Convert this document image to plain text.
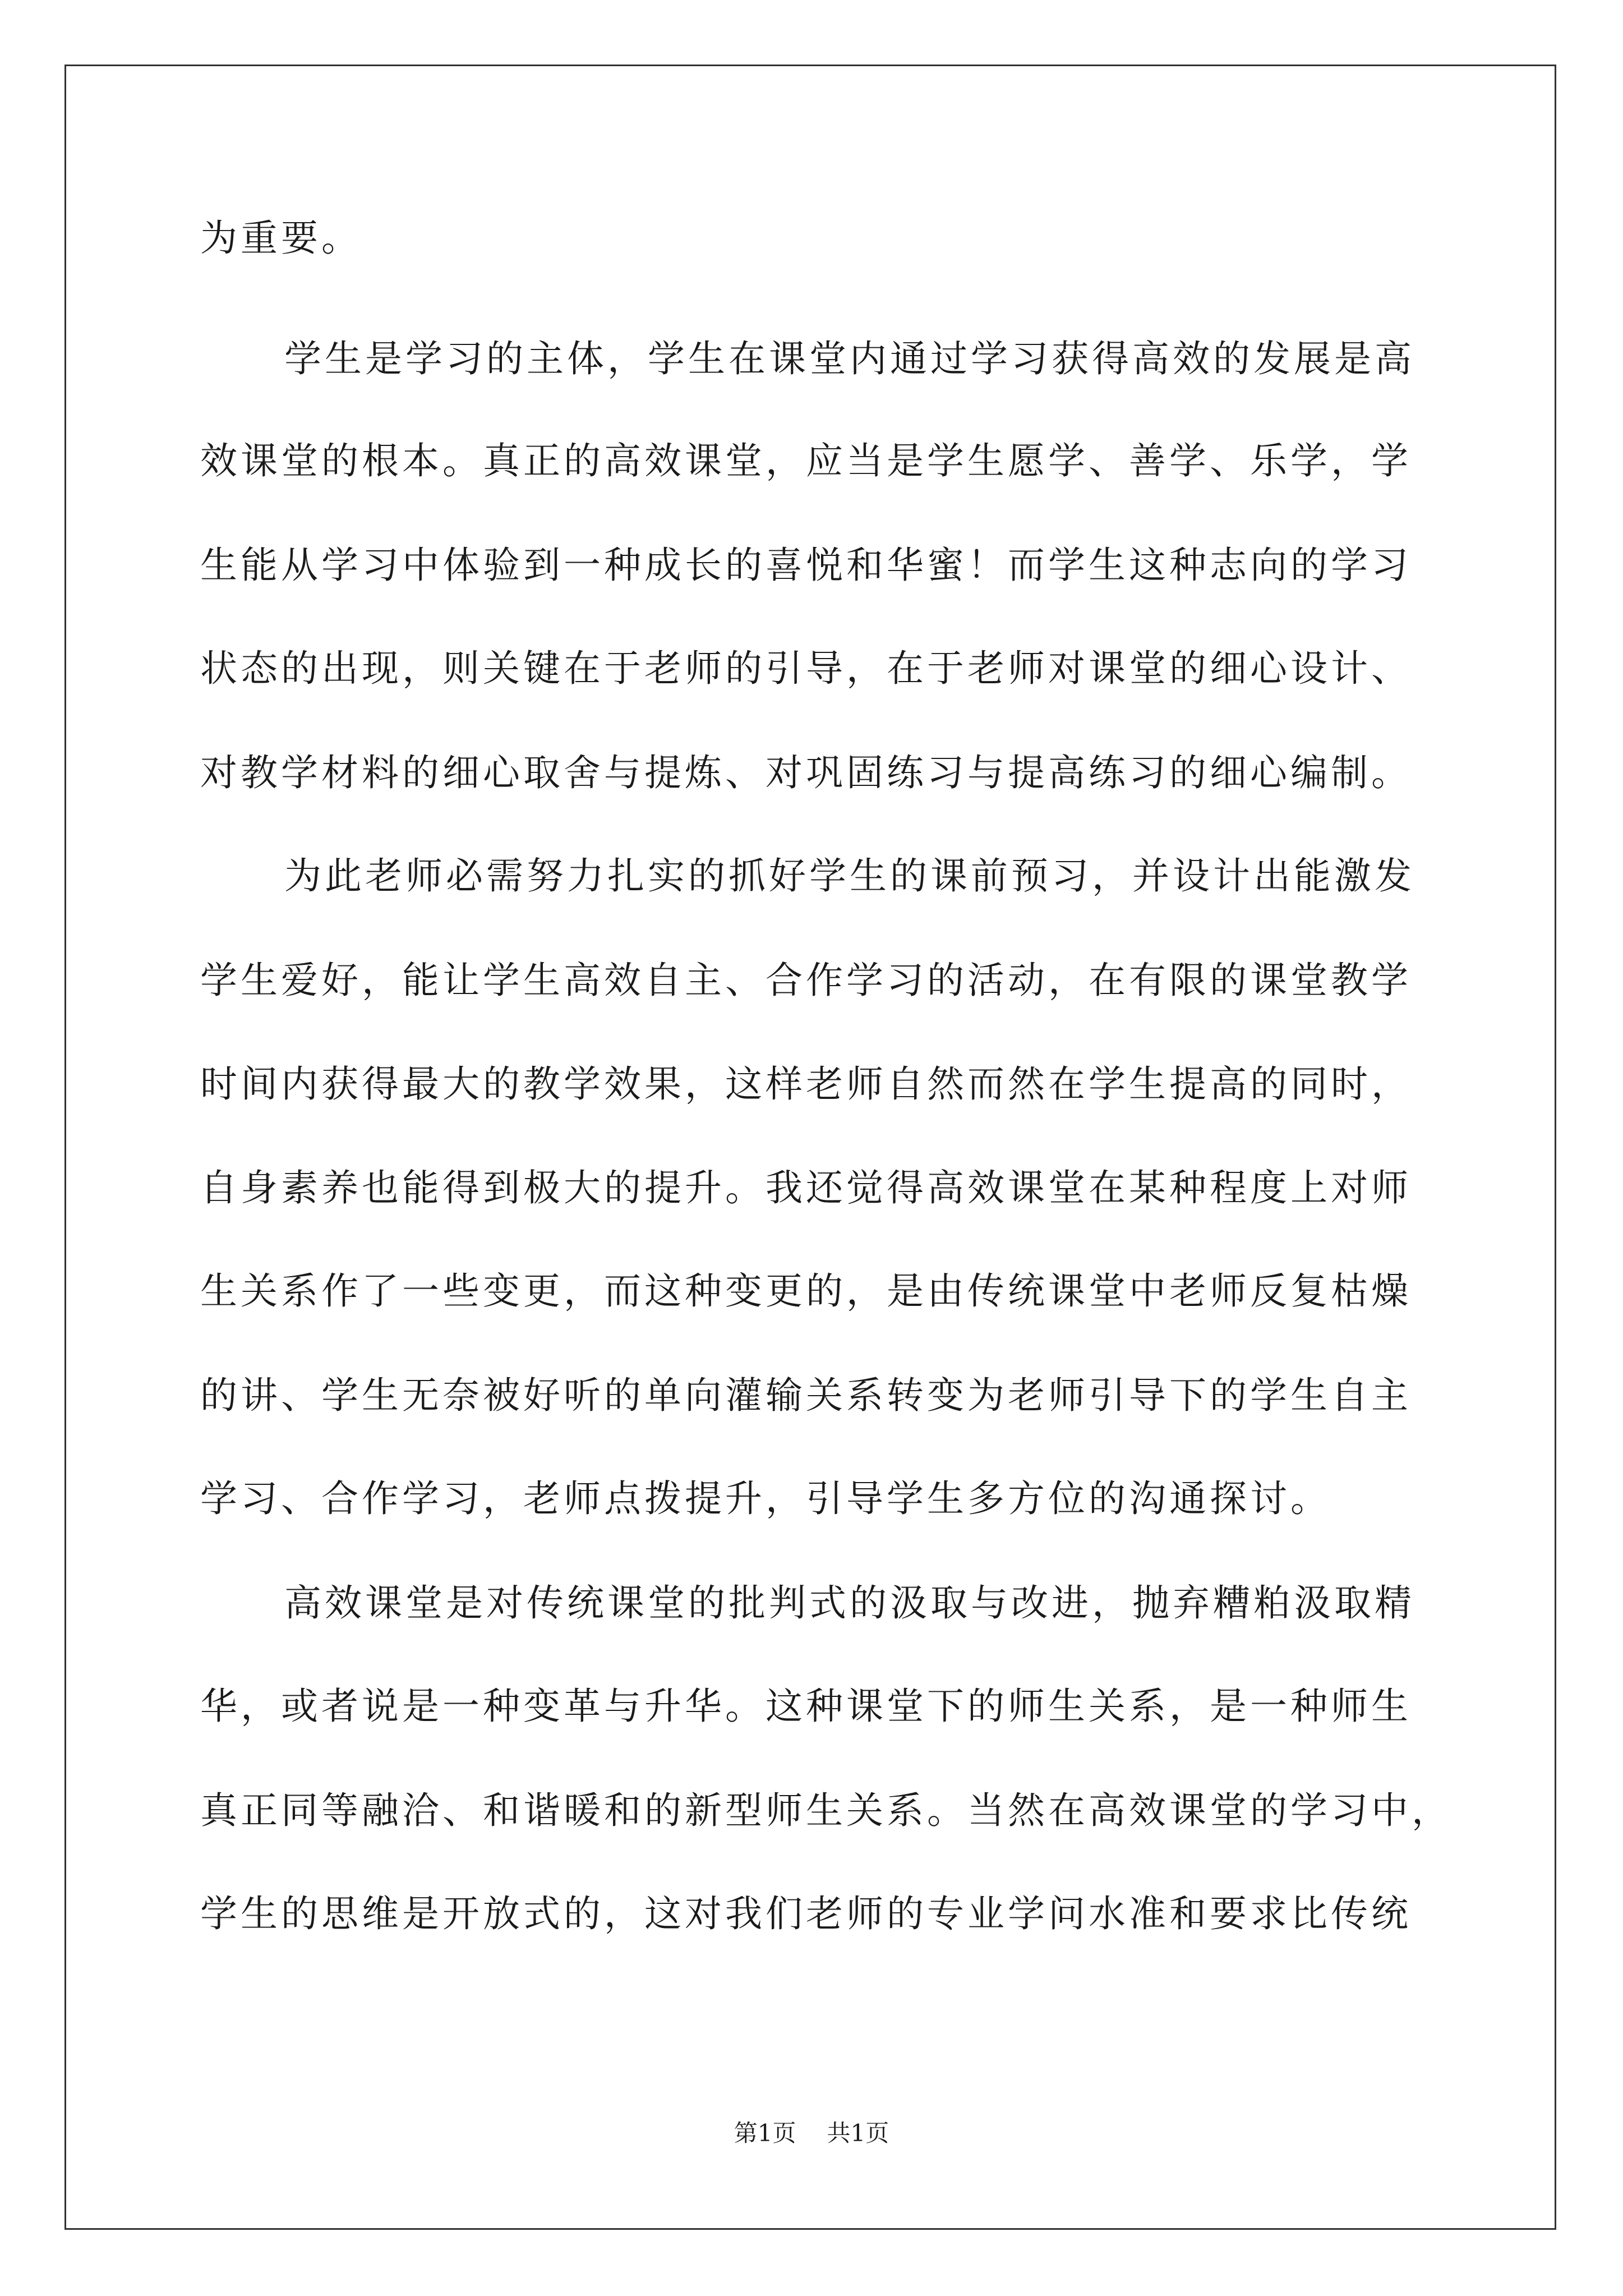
为重要。
学生是学习的主体，学生在课堂内通过学习获得高效的发展是高
效课堂的根本。真正的高效课堂，应当是学生愿学、善学、乐学，学
生能从学习中体验到一种成长的喜悦和华蜜！而学生这种志向的学习
状态的出现，则关键在于老师的引导，在于老师对课堂的细心设计、
对教学材料的细心取舍与提炼、对巩固练习与提高练习的细心编制。
为此老师必需努力扎实的抓好学生的课前预习，并设计出能激发
学生爱好，能让学生高效自主、合作学习的活动，在有限的课堂教学
时间内获得最大的教学效果，这样老师自然而然在学生提高的同时，
自身素养也能得到极大的提升。我还觉得高效课堂在某种程度上对师
生关系作了一些变更，而这种变更的，是由传统课堂中老师反复枯燥
的讲、学生无奈被好听的单向灌输关系转变为老师引导下的学生自主
学习、合作学习，老师点拨提升，引导学生多方位的沟通探讨。
高效课堂是对传统课堂的批判式的汲取与改进，抛弃糟粕汲取精
华，或者说是一种变革与升华。这种课堂下的师生关系，是一种师生
真正同等融洽、和谐暖和的新型师生关系。当然在高效课堂的学习中，
学生的思维是开放式的，这对我们老师的专业学问水准和要求比传统
第1页 共1页
